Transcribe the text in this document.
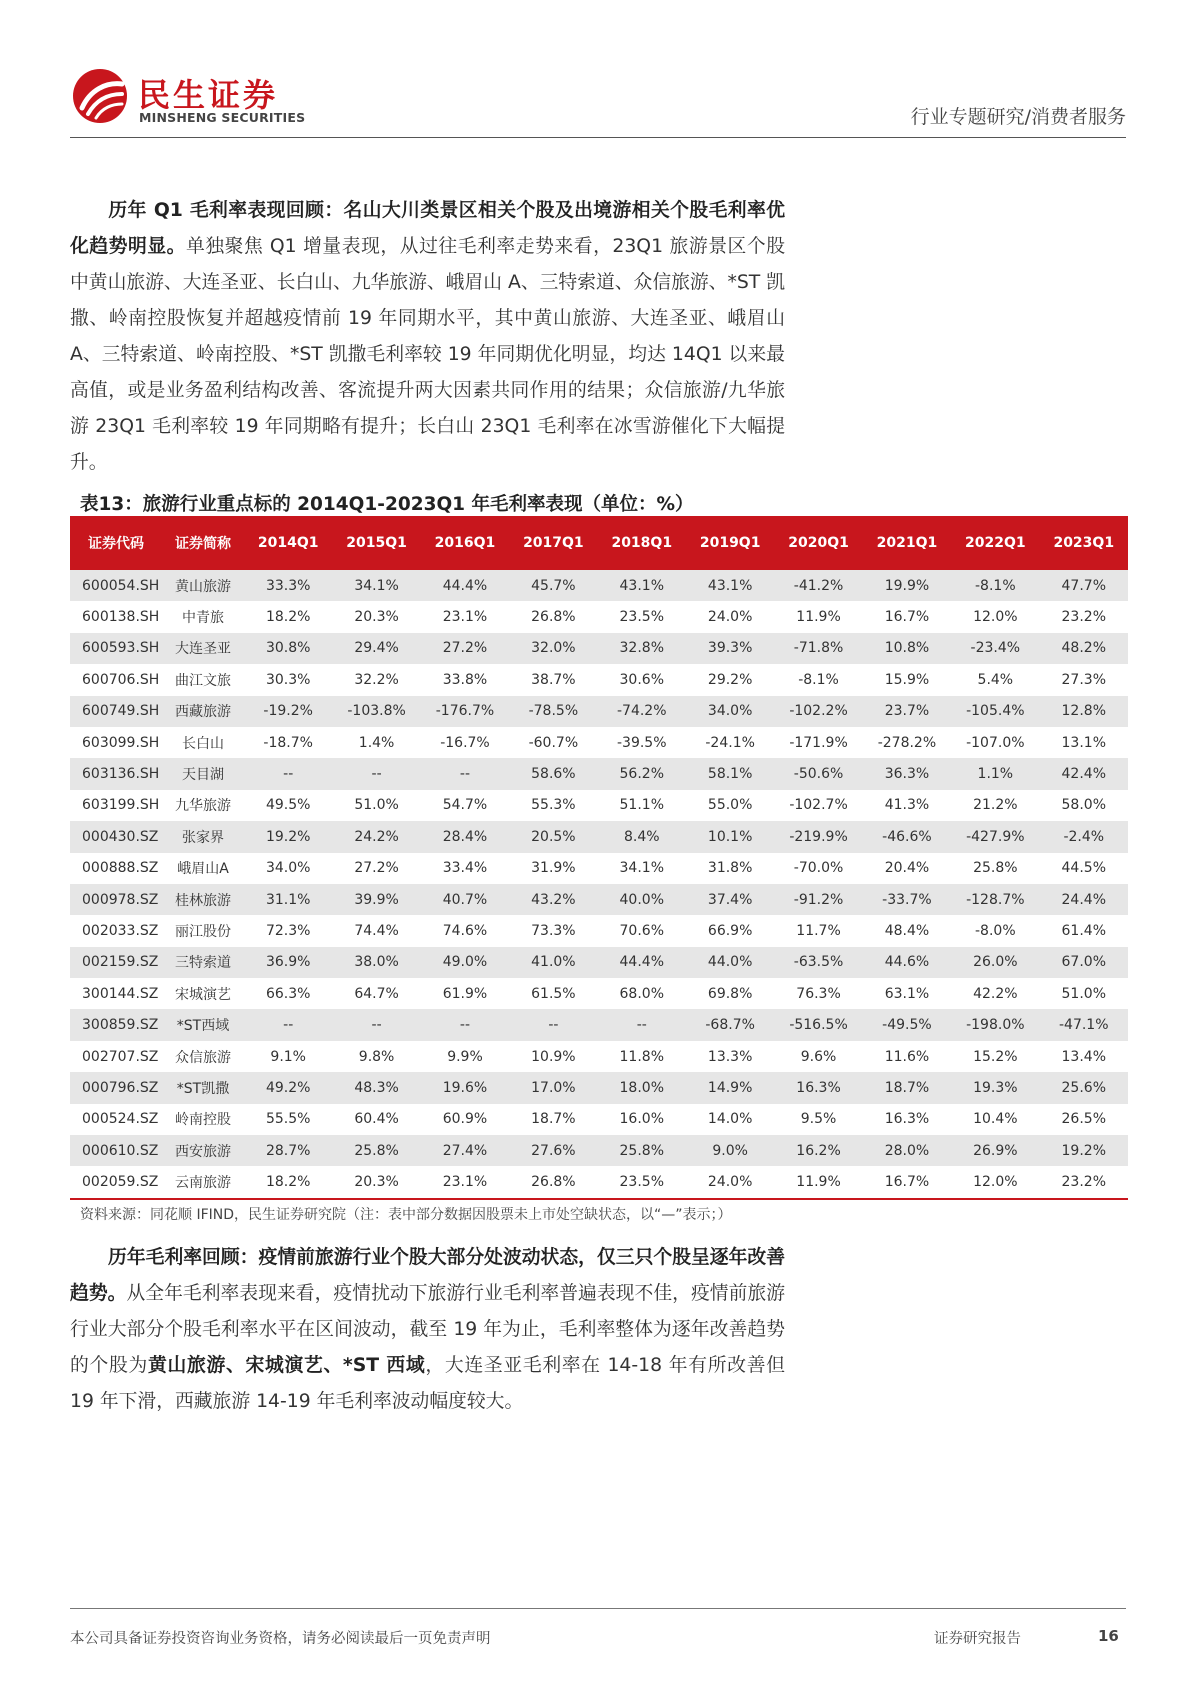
民生证券
MINSHENG SECURITIES	行业专题研究/消费者服务
历年 Q1 毛利率表现回顾：名山大川类景区相关个股及出境游相关个股毛利率优化趋势明显。单独聚焦 Q1 增量表现，从过往毛利率走势来看，23Q1 旅游景区个股中黄山旅游、大连圣亚、长白山、九华旅游、峨眉山 A、三特索道、众信旅游、*ST 凯撒、岭南控股恢复并超越疫情前 19 年同期水平，其中黄山旅游、大连圣亚、峨眉山 A、三特索道、岭南控股、*ST 凯撒毛利率较 19 年同期优化明显，均达 14Q1 以来最高值，或是业务盈利结构改善、客流提升两大因素共同作用的结果；众信旅游/九华旅游 23Q1 毛利率较 19 年同期略有提升；长白山 23Q1 毛利率在冰雪游催化下大幅提升。
表13：旅游行业重点标的 2014Q1-2023Q1 年毛利率表现（单位：%）
证券代码	证券简称	2014Q1	2015Q1	2016Q1	2017Q1	2018Q1	2019Q1	2020Q1	2021Q1	2022Q1	2023Q1
600054.SH	黄山旅游	33.3%	34.1%	44.4%	45.7%	43.1%	43.1%	-41.2%	19.9%	-8.1%	47.7%
600138.SH	中青旅	18.2%	20.3%	23.1%	26.8%	23.5%	24.0%	11.9%	16.7%	12.0%	23.2%
600593.SH	大连圣亚	30.8%	29.4%	27.2%	32.0%	32.8%	39.3%	-71.8%	10.8%	-23.4%	48.2%
600706.SH	曲江文旅	30.3%	32.2%	33.8%	38.7%	30.6%	29.2%	-8.1%	15.9%	5.4%	27.3%
600749.SH	西藏旅游	-19.2%	-103.8%	-176.7%	-78.5%	-74.2%	34.0%	-102.2%	23.7%	-105.4%	12.8%
603099.SH	长白山	-18.7%	1.4%	-16.7%	-60.7%	-39.5%	-24.1%	-171.9%	-278.2%	-107.0%	13.1%
603136.SH	天目湖	--	--	--	58.6%	56.2%	58.1%	-50.6%	36.3%	1.1%	42.4%
603199.SH	九华旅游	49.5%	51.0%	54.7%	55.3%	51.1%	55.0%	-102.7%	41.3%	21.2%	58.0%
000430.SZ	张家界	19.2%	24.2%	28.4%	20.5%	8.4%	10.1%	-219.9%	-46.6%	-427.9%	-2.4%
000888.SZ	峨眉山A	34.0%	27.2%	33.4%	31.9%	34.1%	31.8%	-70.0%	20.4%	25.8%	44.5%
000978.SZ	桂林旅游	31.1%	39.9%	40.7%	43.2%	40.0%	37.4%	-91.2%	-33.7%	-128.7%	24.4%
002033.SZ	丽江股份	72.3%	74.4%	74.6%	73.3%	70.6%	66.9%	11.7%	48.4%	-8.0%	61.4%
002159.SZ	三特索道	36.9%	38.0%	49.0%	41.0%	44.4%	44.0%	-63.5%	44.6%	26.0%	67.0%
300144.SZ	宋城演艺	66.3%	64.7%	61.9%	61.5%	68.0%	69.8%	76.3%	63.1%	42.2%	51.0%
300859.SZ	*ST西域	--	--	--	--	--	-68.7%	-516.5%	-49.5%	-198.0%	-47.1%
002707.SZ	众信旅游	9.1%	9.8%	9.9%	10.9%	11.8%	13.3%	9.6%	11.6%	15.2%	13.4%
000796.SZ	*ST凯撒	49.2%	48.3%	19.6%	17.0%	18.0%	14.9%	16.3%	18.7%	19.3%	25.6%
000524.SZ	岭南控股	55.5%	60.4%	60.9%	18.7%	16.0%	14.0%	9.5%	16.3%	10.4%	26.5%
000610.SZ	西安旅游	28.7%	25.8%	27.4%	27.6%	25.8%	9.0%	16.2%	28.0%	26.9%	19.2%
002059.SZ	云南旅游	18.2%	20.3%	23.1%	26.8%	23.5%	24.0%	11.9%	16.7%	12.0%	23.2%
资料来源：同花顺 IFIND，民生证券研究院（注：表中部分数据因股票未上市处空缺状态，以“—”表示；）
历年毛利率回顾：疫情前旅游行业个股大部分处波动状态，仅三只个股呈逐年改善趋势。从全年毛利率表现来看，疫情扰动下旅游行业毛利率普遍表现不佳，疫情前旅游行业大部分个股毛利率水平在区间波动，截至 19 年为止，毛利率整体为逐年改善趋势的个股为黄山旅游、宋城演艺、*ST 西域，大连圣亚毛利率在 14-18 年有所改善但 19 年下滑，西藏旅游 14-19 年毛利率波动幅度较大。
本公司具备证券投资咨询业务资格，请务必阅读最后一页免责声明	证券研究报告	16
